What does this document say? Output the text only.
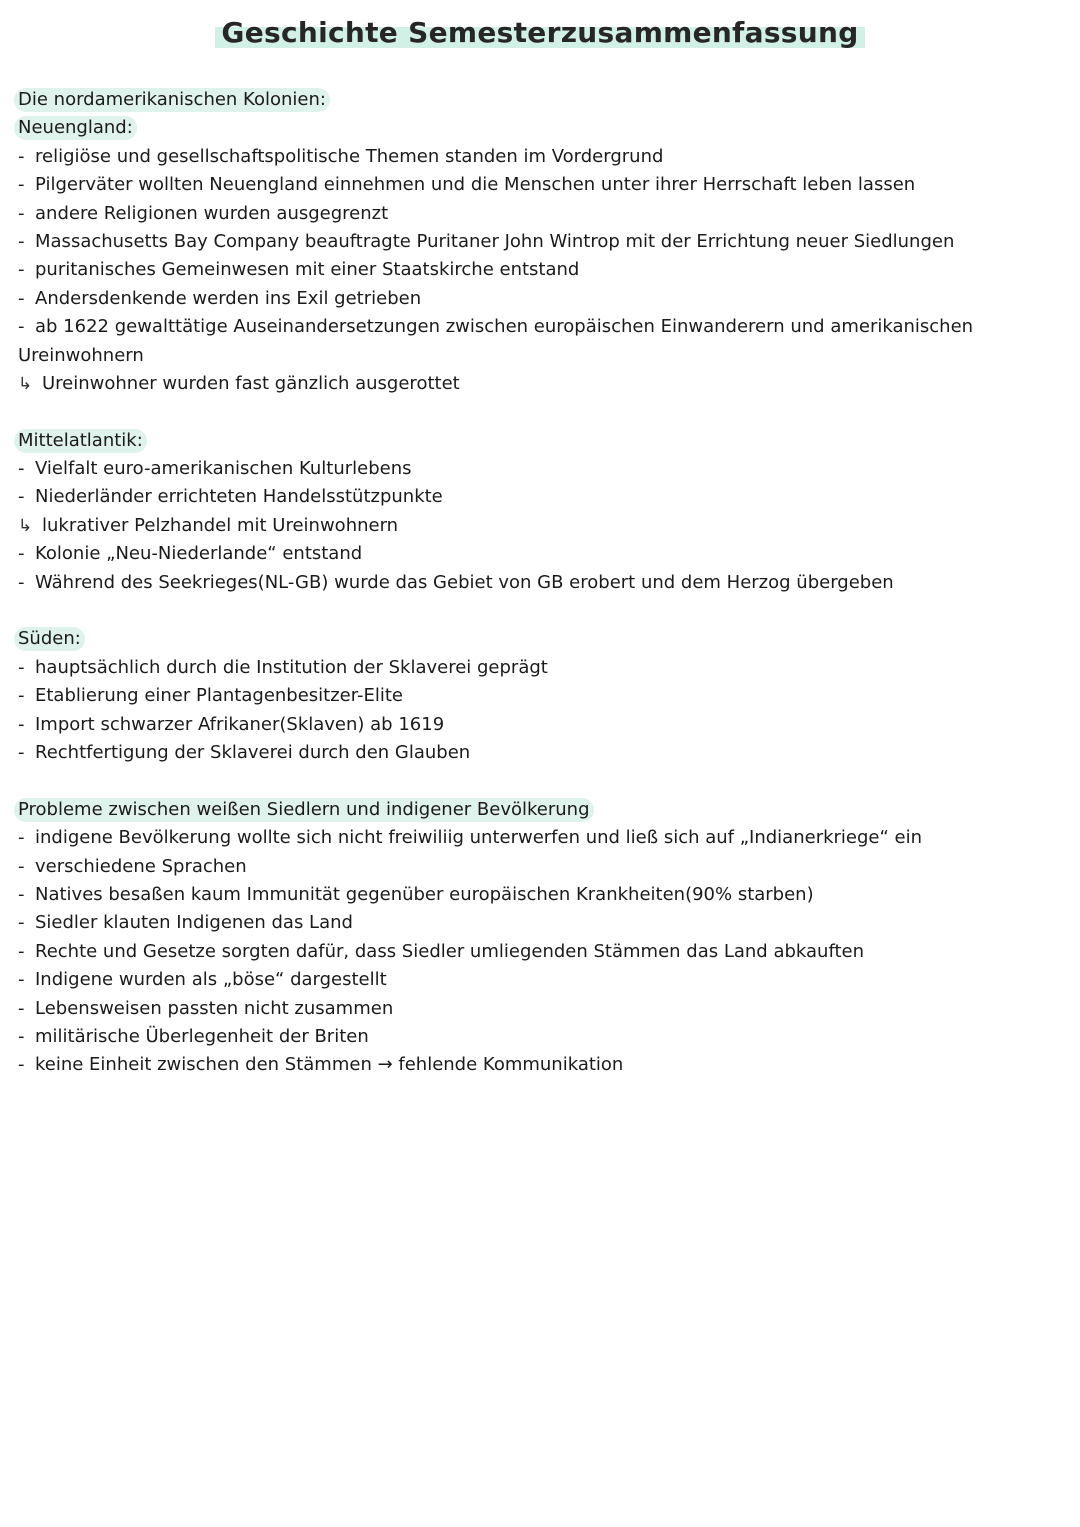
Geschichte Semesterzusammenfassung
Die nordamerikanischen Kolonien:
Neuengland:
- religiöse und gesellschaftspolitische Themen standen im Vordergrund
- Pilgerväter wollten Neuengland einnehmen und die Menschen unter ihrer Herrschaft leben lassen
- andere Religionen wurden ausgegrenzt
- Massachusetts Bay Company beauftragte Puritaner John Wintrop mit der Errichtung neuer Siedlungen
- puritanisches Gemeinwesen mit einer Staatskirche entstand
- Andersdenkende werden ins Exil getrieben
- ab 1622 gewalttätige Auseinandersetzungen zwischen europäischen Einwanderern und amerikanischen
Ureinwohnern
↳ Ureinwohner wurden fast gänzlich ausgerottet
Mittelatlantik:
- Vielfalt euro-amerikanischen Kulturlebens
- Niederländer errichteten Handelsstützpunkte
↳ lukrativer Pelzhandel mit Ureinwohnern
- Kolonie „Neu-Niederlande“ entstand
- Während des Seekrieges(NL-GB) wurde das Gebiet von GB erobert und dem Herzog übergeben
Süden:
- hauptsächlich durch die Institution der Sklaverei geprägt
- Etablierung einer Plantagenbesitzer-Elite
- Import schwarzer Afrikaner(Sklaven) ab 1619
- Rechtfertigung der Sklaverei durch den Glauben
Probleme zwischen weißen Siedlern und indigener Bevölkerung
- indigene Bevölkerung wollte sich nicht freiwiliig unterwerfen und ließ sich auf „Indianerkriege“ ein
- verschiedene Sprachen
- Natives besaßen kaum Immunität gegenüber europäischen Krankheiten(90% starben)
- Siedler klauten Indigenen das Land
- Rechte und Gesetze sorgten dafür, dass Siedler umliegenden Stämmen das Land abkauften
- Indigene wurden als „böse“ dargestellt
- Lebensweisen passten nicht zusammen
- militärische Überlegenheit der Briten
- keine Einheit zwischen den Stämmen → fehlende Kommunikation
